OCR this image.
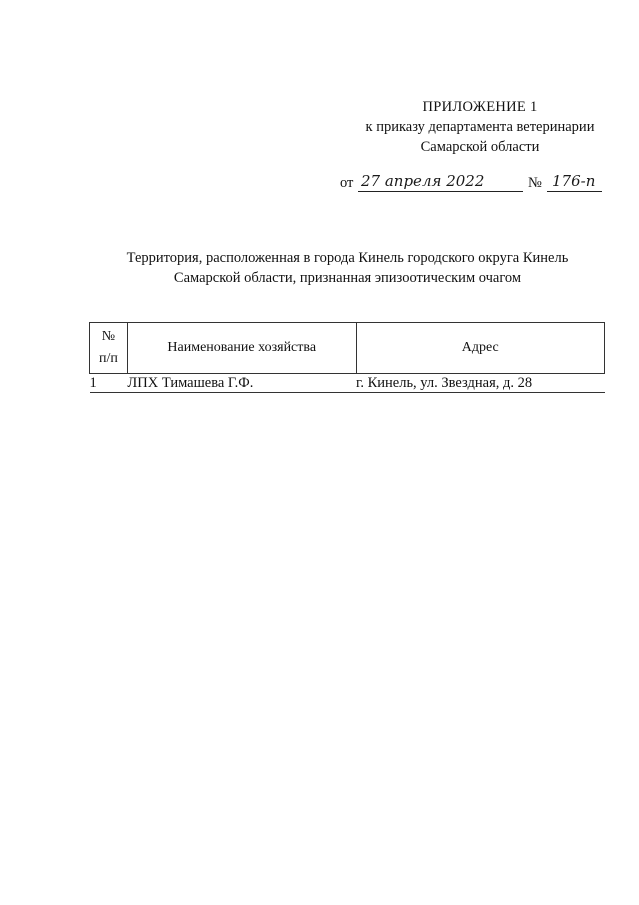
ПРИЛОЖЕНИЕ 1
к приказу департамента ветеринарии
Самарской области
от 27 апреля 2022	№ 176-п
Территория, расположенная в города Кинель городского округа Кинель
Самарской области, признанная эпизоотическим очагом
№
п/п	Наименование хозяйства	Адрес
1	ЛПХ Тимашева Г.Ф.	г. Кинель, ул. Звездная, д. 28
